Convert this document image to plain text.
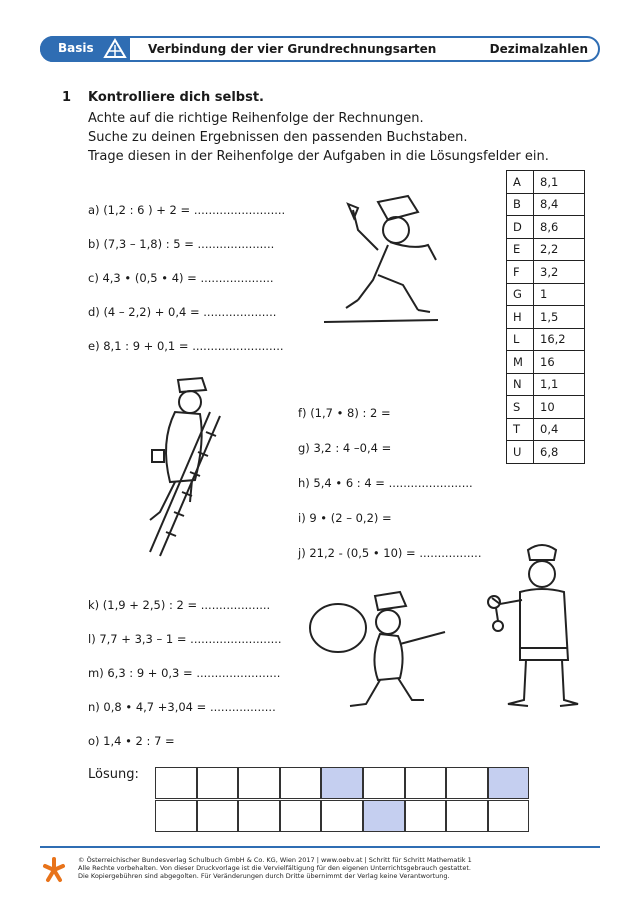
Basis	Verbindung der vier Grundrechnungsarten	Dezimalzahlen
1 Kontrolliere dich selbst.
Achte auf die richtige Reihenfolge der Rechnungen.
Suche zu deinen Ergebnissen den passenden Buchstaben.
Trage diesen in der Reihenfolge der Aufgaben in die Lösungsfelder ein.
a) (1,2 : 6 ) + 2 = .........................
b) (7,3 – 1,8) : 5 = .....................
c) 4,3 • (0,5 • 4) = ....................
d) (4 – 2,2) + 0,4 = ....................
e) 8,1 : 9 + 0,1 = .........................
f) (1,7 • 8) : 2 =
g) 3,2 : 4 –0,4 =
h) 5,4 • 6 : 4 = .......................
i) 9 • (2 – 0,2) =
j) 21,2 - (0,5 • 10) = .................
k) (1,9 + 2,5) : 2 = ...................
l) 7,7 + 3,3 – 1 = .........................
m) 6,3 : 9 + 0,3 = .......................
n) 0,8 • 4,7 +3,04 = ..................
o) 1,4 • 2 : 7 =
A	8,1
B	8,4
D	8,6
E	2,2
F	3,2
G	1
H	1,5
L	16,2
M	16
N	1,1
S	10
T	0,4
U	6,8
Lösung:
© Österreichischer Bundesverlag Schulbuch GmbH & Co. KG, Wien 2017 | www.oebv.at | Schritt für Schritt Mathematik 1
Alle Rechte vorbehalten. Von dieser Druckvorlage ist die Vervielfältigung für den eigenen Unterrichtsgebrauch gestattet.
Die Kopiergebühren sind abgegolten. Für Veränderungen durch Dritte übernimmt der Verlag keine Verantwortung.
